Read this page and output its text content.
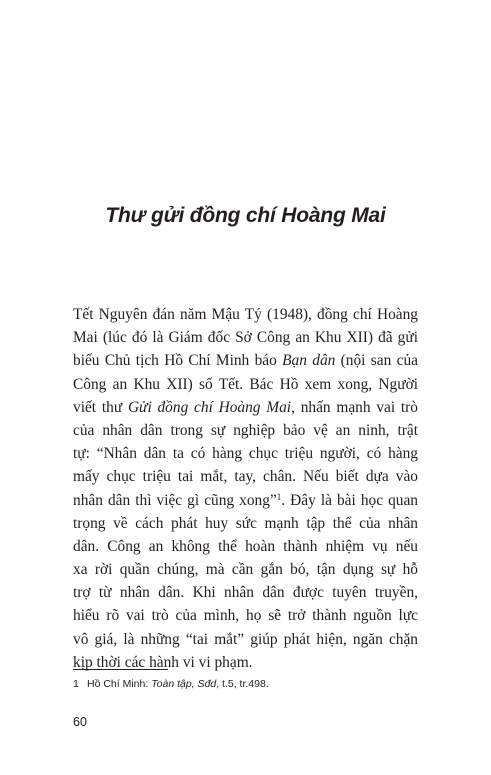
Thư gửi đồng chí Hoàng Mai
Tết Nguyên đán năm Mậu Tý (1948), đồng chí Hoàng
Mai (lúc đó là Giám đốc Sở Công an Khu XII) đã gửi
biếu Chủ tịch Hồ Chí Minh báo Bạn dân (nội san của
Công an Khu XII) số Tết. Bác Hồ xem xong, Người
viết thư Gửi đồng chí Hoàng Mai, nhấn mạnh vai trò
của nhân dân trong sự nghiệp bảo vệ an ninh, trật
tự: “Nhân dân ta có hàng chục triệu người, có hàng
mấy chục triệu tai mắt, tay, chân. Nếu biết dựa vào
nhân dân thì việc gì cũng xong”$^1$. Đây là bài học quan
trọng về cách phát huy sức mạnh tập thể của nhân
dân. Công an không thể hoàn thành nhiệm vụ nếu
xa rời quần chúng, mà cần gắn bó, tận dụng sự hỗ
trợ từ nhân dân. Khi nhân dân được tuyên truyền,
hiểu rõ vai trò của mình, họ sẽ trở thành nguồn lực
vô giá, là những “tai mắt” giúp phát hiện, ngăn chặn
kịp thời các hành vi vi phạm.
1 Hồ Chí Minh: Toàn tập, Sđd, t.5, tr.498.
60
